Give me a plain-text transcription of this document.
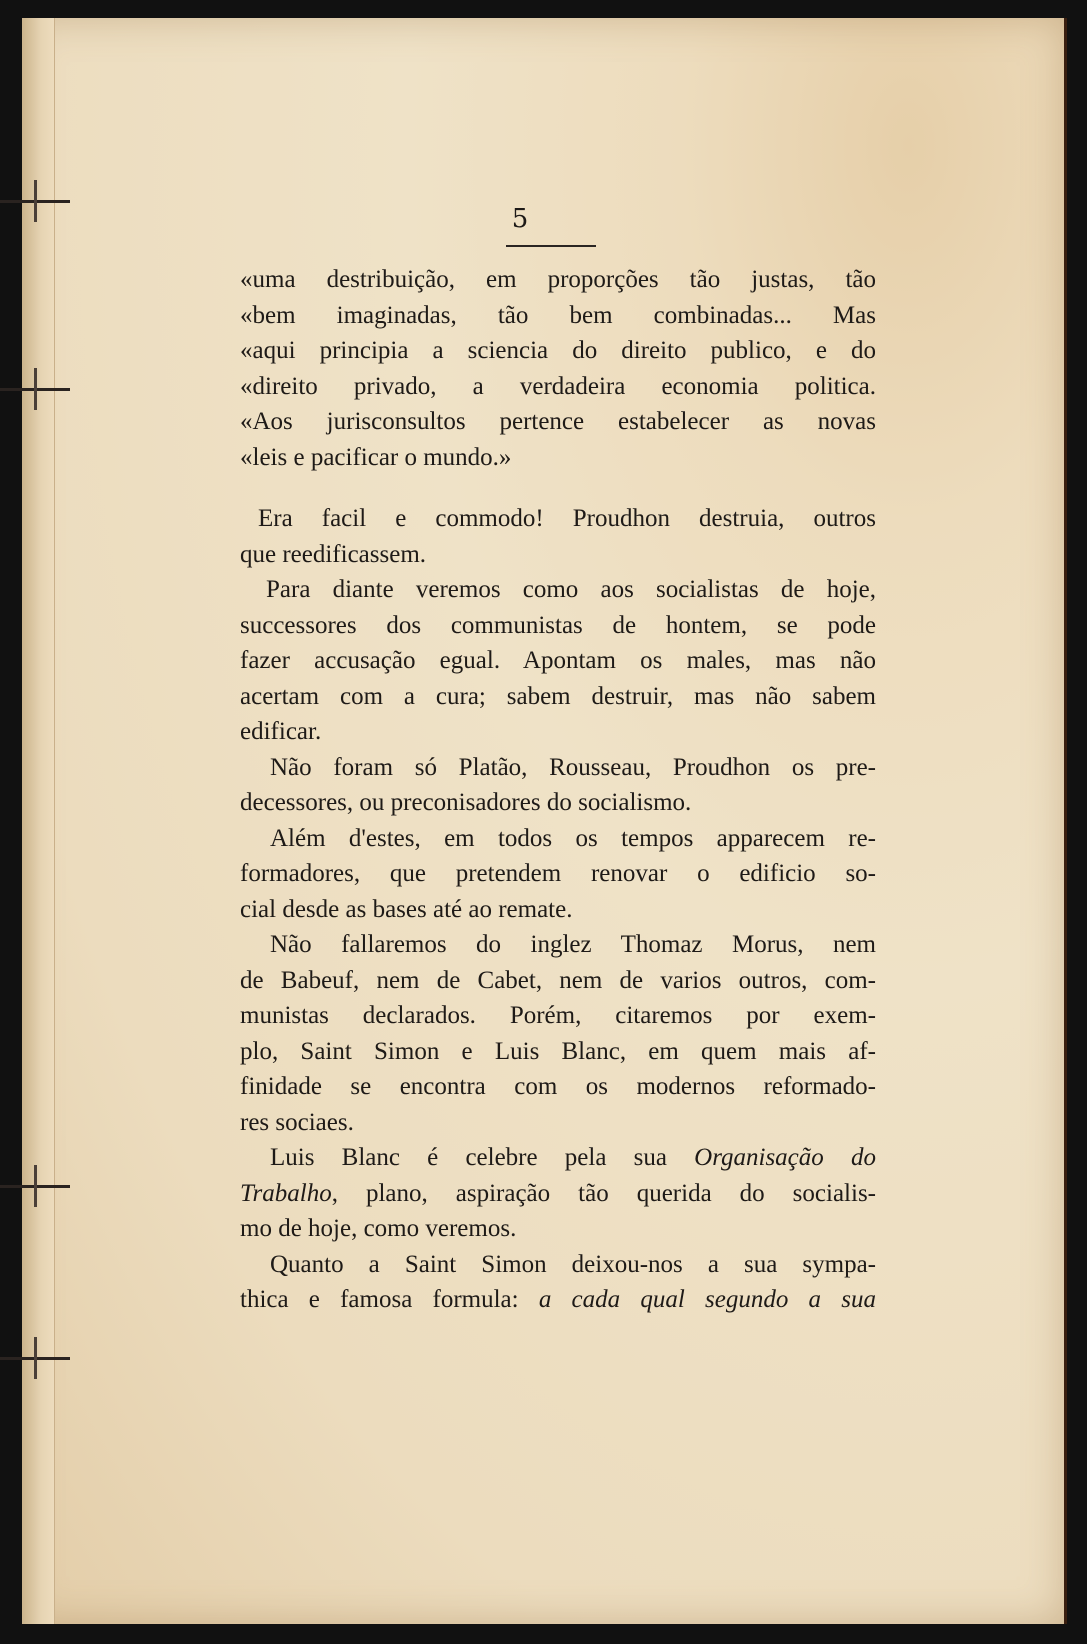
5
«uma destribuição, em proporções tão justas, tão
«bem imaginadas, tão bem combinadas... Mas
«aqui principia a sciencia do direito publico, e do
«direito privado, a verdadeira economia politica.
«Aos jurisconsultos pertence estabelecer as novas
«leis e pacificar o mundo.»
Era facil e commodo! Proudhon destruia, outros
que reedificassem.
Para diante veremos como aos socialistas de hoje,
successores dos communistas de hontem, se pode
fazer accusação egual. Apontam os males, mas não
acertam com a cura; sabem destruir, mas não sabem
edificar.
Não foram só Platão, Rousseau, Proudhon os pre-
decessores, ou preconisadores do socialismo.
Além d'estes, em todos os tempos apparecem re-
formadores, que pretendem renovar o edificio so-
cial desde as bases até ao remate.
Não fallaremos do inglez Thomaz Morus, nem
de Babeuf, nem de Cabet, nem de varios outros, com-
munistas declarados. Porém, citaremos por exem-
plo, Saint Simon e Luis Blanc, em quem mais af-
finidade se encontra com os modernos reformado-
res sociaes.
Luis Blanc é celebre pela sua Organisação do
Trabalho, plano, aspiração tão querida do socialis-
mo de hoje, como veremos.
Quanto a Saint Simon deixou-nos a sua sympa-
thica e famosa formula: a cada qual segundo a sua
